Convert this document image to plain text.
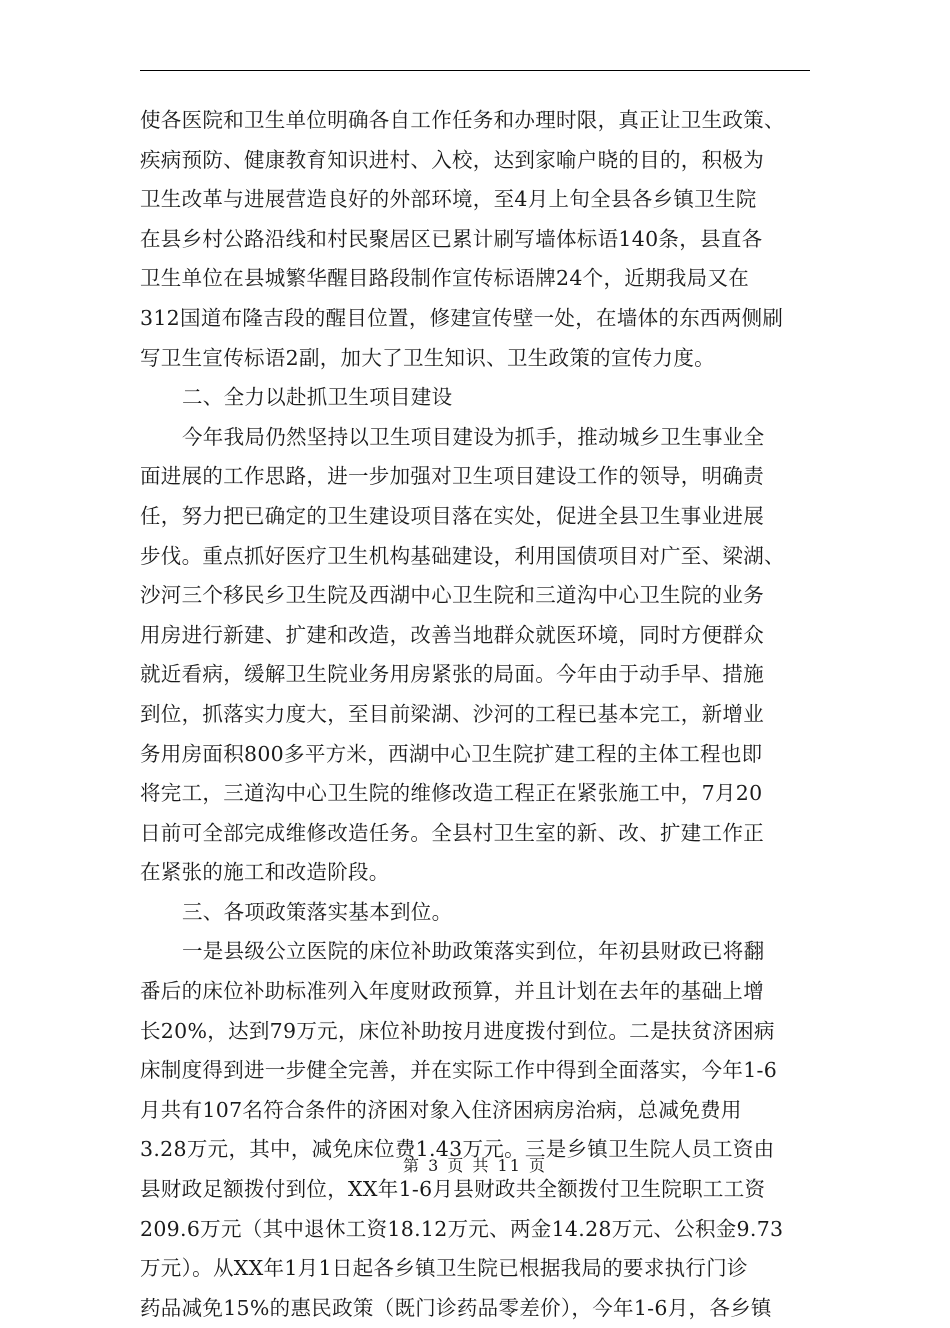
使各医院和卫生单位明确各自工作任务和办理时限，真正让卫生政策、
疾病预防、健康教育知识进村、入校，达到家喻户晓的目的，积极为
卫生改革与进展营造良好的外部环境，至4月上旬全县各乡镇卫生院
在县乡村公路沿线和村民聚居区已累计刷写墙体标语140条，县直各
卫生单位在县城繁华醒目路段制作宣传标语牌24个，近期我局又在
312国道布隆吉段的醒目位置，修建宣传壁一处，在墙体的东西两侧刷
写卫生宣传标语2副，加大了卫生知识、卫生政策的宣传力度。
二、全力以赴抓卫生项目建设
今年我局仍然坚持以卫生项目建设为抓手，推动城乡卫生事业全
面进展的工作思路，进一步加强对卫生项目建设工作的领导，明确责
任，努力把已确定的卫生建设项目落在实处，促进全县卫生事业进展
步伐。重点抓好医疗卫生机构基础建设，利用国债项目对广至、梁湖、
沙河三个移民乡卫生院及西湖中心卫生院和三道沟中心卫生院的业务
用房进行新建、扩建和改造，改善当地群众就医环境，同时方便群众
就近看病，缓解卫生院业务用房紧张的局面。今年由于动手早、措施
到位，抓落实力度大，至目前梁湖、沙河的工程已基本完工，新增业
务用房面积800多平方米，西湖中心卫生院扩建工程的主体工程也即
将完工，三道沟中心卫生院的维修改造工程正在紧张施工中，7月20
日前可全部完成维修改造任务。全县村卫生室的新、改、扩建工作正
在紧张的施工和改造阶段。
三、各项政策落实基本到位。
一是县级公立医院的床位补助政策落实到位，年初县财政已将翻
番后的床位补助标准列入年度财政预算，并且计划在去年的基础上增
长20%，达到79万元，床位补助按月进度拨付到位。二是扶贫济困病
床制度得到进一步健全完善，并在实际工作中得到全面落实，今年1-6
月共有107名符合条件的济困对象入住济困病房治病，总减免费用
3.28万元，其中，减免床位费1.43万元。三是乡镇卫生院人员工资由
县财政足额拨付到位，XX年1-6月县财政共全额拨付卫生院职工工资
209.6万元（其中退休工资18.12万元、两金14.28万元、公积金9.73
万元）。从XX年1月1日起各乡镇卫生院已根据我局的要求执行门诊
药品减免15%的惠民政策（既门诊药品零差价），今年1-6月，各乡镇
第 3 页 共 11 页
